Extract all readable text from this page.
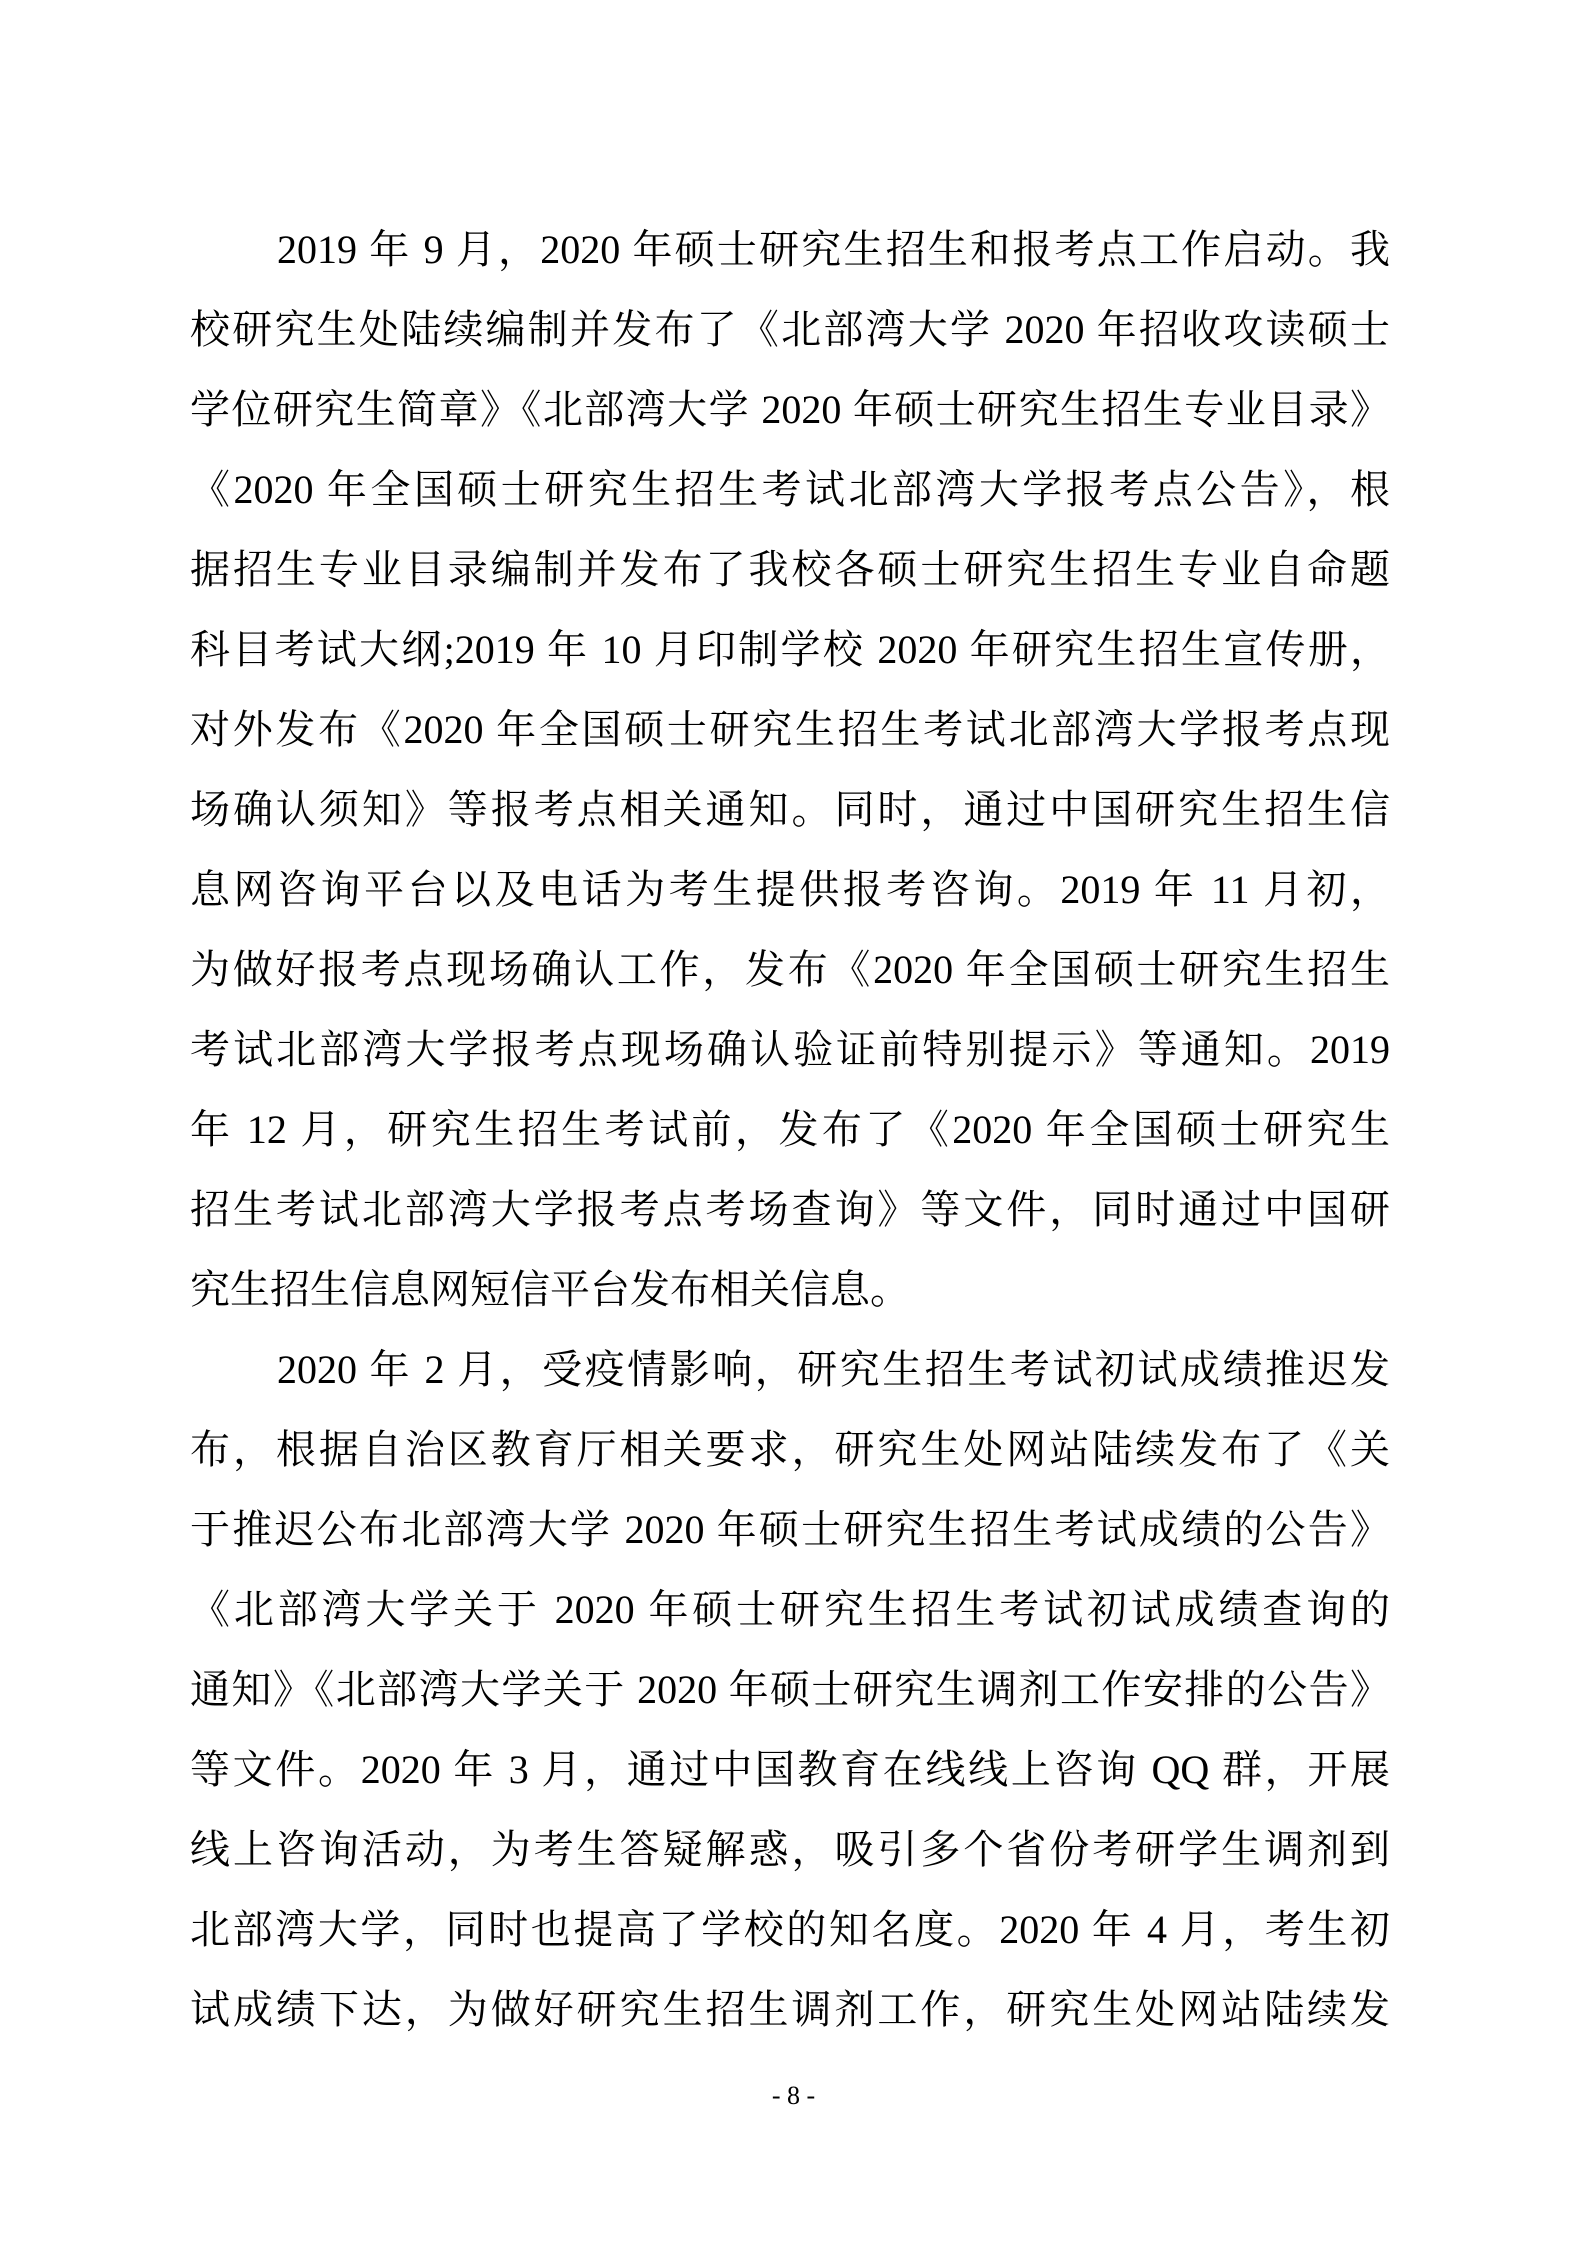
2019 年 9 月，2020 年硕士研究生招生和报考点工作启动。我
校研究生处陆续编制并发布了《北部湾大学 2020 年招收攻读硕士
学位研究生简章》《北部湾大学 2020 年硕士研究生招生专业目录》
《2020 年全国硕士研究生招生考试北部湾大学报考点公告》，根
据招生专业目录编制并发布了我校各硕士研究生招生专业自命题
科目考试大纲;2019 年 10 月印制学校 2020 年研究生招生宣传册，
对外发布《2020 年全国硕士研究生招生考试北部湾大学报考点现
场确认须知》等报考点相关通知。同时，通过中国研究生招生信
息网咨询平台以及电话为考生提供报考咨询。2019 年 11 月初，
为做好报考点现场确认工作，发布《2020 年全国硕士研究生招生
考试北部湾大学报考点现场确认验证前特别提示》等通知。2019
年 12 月，研究生招生考试前，发布了《2020 年全国硕士研究生
招生考试北部湾大学报考点考场查询》等文件，同时通过中国研
究生招生信息网短信平台发布相关信息。
2020 年 2 月，受疫情影响，研究生招生考试初试成绩推迟发
布，根据自治区教育厅相关要求，研究生处网站陆续发布了《关
于推迟公布北部湾大学 2020 年硕士研究生招生考试成绩的公告》
《北部湾大学关于 2020 年硕士研究生招生考试初试成绩查询的
通知》《北部湾大学关于 2020 年硕士研究生调剂工作安排的公告》
等文件。2020 年 3 月，通过中国教育在线线上咨询 QQ 群，开展
线上咨询活动，为考生答疑解惑，吸引多个省份考研学生调剂到
北部湾大学，同时也提高了学校的知名度。2020 年 4 月，考生初
试成绩下达，为做好研究生招生调剂工作，研究生处网站陆续发
- 8 -
